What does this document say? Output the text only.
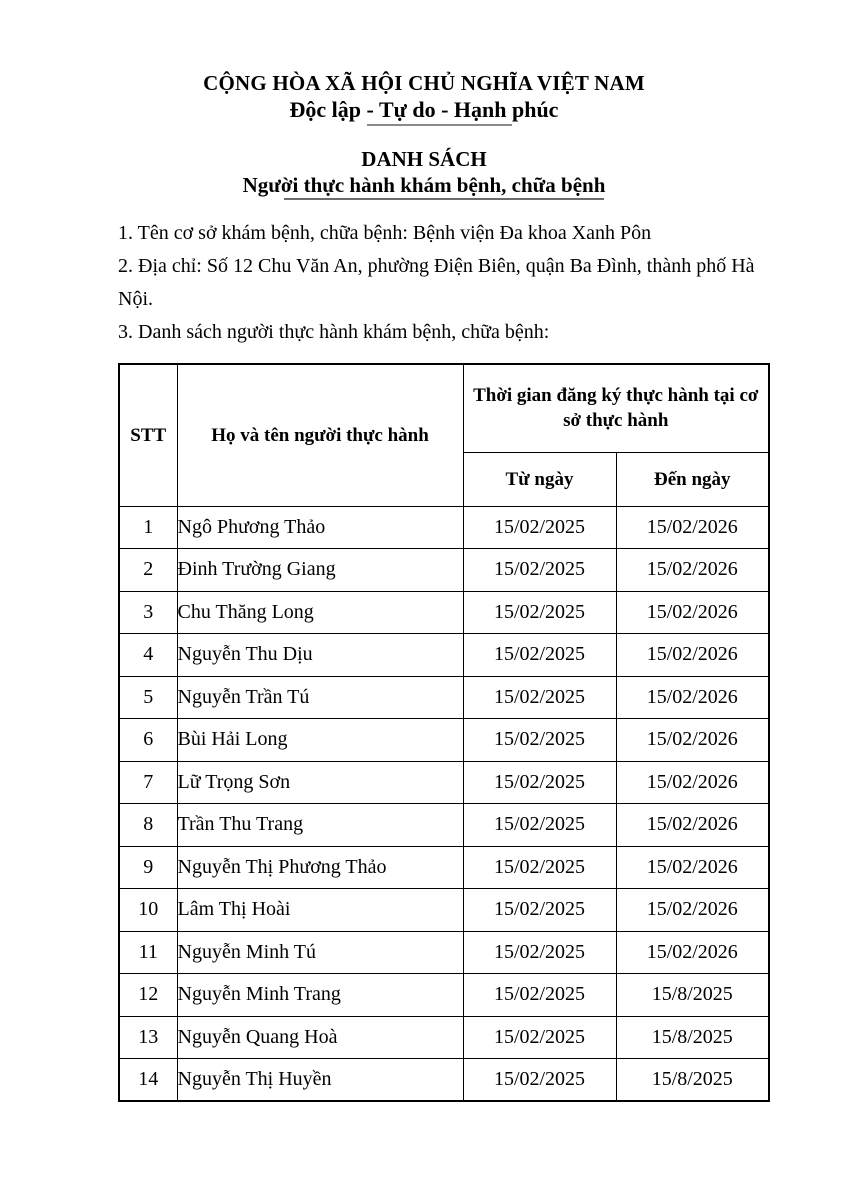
CỘNG HÒA XÃ HỘI CHỦ NGHĨA VIỆT NAM
Độc lập - Tự do - Hạnh phúc
DANH SÁCH
Người thực hành khám bệnh, chữa bệnh

1. Tên cơ sở khám bệnh, chữa bệnh: Bệnh viện Đa khoa Xanh Pôn

2. Địa chỉ: Số 12 Chu Văn An, phường Điện Biên, quận Ba Đình, thành phố Hà Nội.

3. Danh sách người thực hành khám bệnh, chữa bệnh:

STT	Họ và tên người thực hành	Thời gian đăng ký thực hành tại cơ sở thực hành	
		Từ ngày	Đến ngày
1	Ngô Phương Thảo	15/02/2025	15/02/2026
2	Đinh Trường Giang	15/02/2025	15/02/2026
3	Chu Thăng Long	15/02/2025	15/02/2026
4	Nguyễn Thu Dịu	15/02/2025	15/02/2026
5	Nguyễn Trần Tú	15/02/2025	15/02/2026
6	Bùi Hải Long	15/02/2025	15/02/2026
7	Lữ Trọng Sơn	15/02/2025	15/02/2026
8	Trần Thu Trang	15/02/2025	15/02/2026
9	Nguyễn Thị Phương Thảo	15/02/2025	15/02/2026
10	Lâm Thị Hoài	15/02/2025	15/02/2026
11	Nguyễn Minh Tú	15/02/2025	15/02/2026
12	Nguyễn Minh Trang	15/02/2025	15/8/2025
13	Nguyễn Quang Hoà	15/02/2025	15/8/2025
14	Nguyễn Thị Huyền	15/02/2025	15/8/2025
